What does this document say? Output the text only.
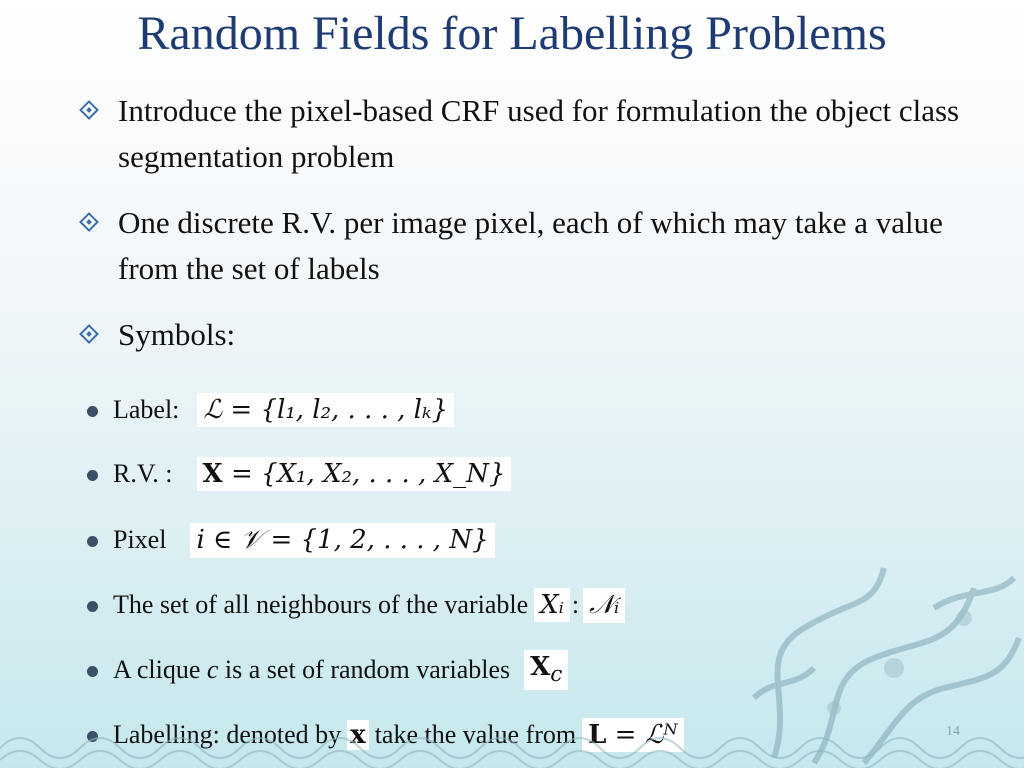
Random Fields for Labelling Problems
Introduce the pixel-based CRF used for formulation the object class segmentation problem
One discrete R.V. per image pixel, each of which may take a value from the set of labels
Symbols:
Label: ℒ = {l₁, l₂, . . . , lₖ}
R.V. : X = {X₁, X₂, . . . , X_N}
Pixel i ∈ 𝒱 = {1, 2, . . . , N}
The set of all neighbours of the variable Xᵢ : 𝒩ᵢ
A clique c is a set of random variables $X_c$
Labelling: denoted by x take the value from L = ℒᴺ	14
